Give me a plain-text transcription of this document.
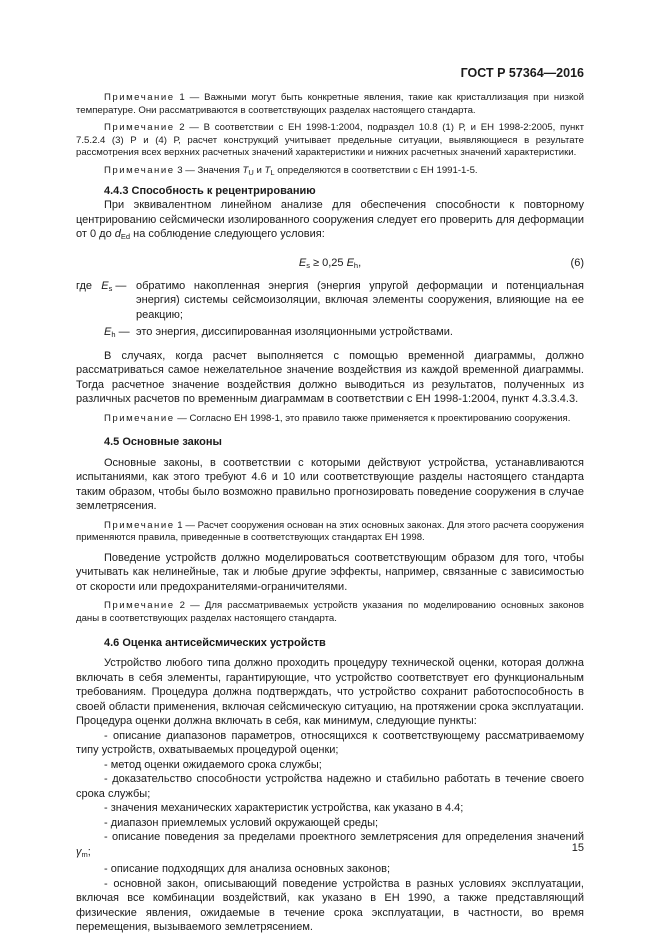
ГОСТ Р 57364—2016

Примечание 1 — Важными могут быть конкретные явления, такие как кристаллизация при низкой температуре. Они рассматриваются в соответствующих разделах настоящего стандарта.

Примечание 2 — В соответствии с ЕН 1998-1:2004, подраздел 10.8 (1) Р, и ЕН 1998-2:2005, пункт 7.5.2.4 (3) Р и (4) Р, расчет конструкций учитывает предельные ситуации, выявляющиеся в результате рассмотрения всех верхних расчетных значений характеристики и нижних расчетных значений характеристики.

Примечание 3 — Значения $T_U$ и $T_L$ определяются в соответствии с ЕН 1991-1-5.

4.4.3 Способность к рецентрированию

При эквивалентном линейном анализе для обеспечения способности к повторному центрированию сейсмически изолированного сооружения следует его проверить для деформации от 0 до $d_{Ed}$ на соблюдение следующего условия:

$E_s \ge 0,25$ $E_h$,	(6)
где $E_s$ — обратимо накопленная энергия (энергия упругой деформации и потенциальная энергия) системы сейсмоизоляции, включая элементы сооружения, влияющие на ее реакцию;
$E_h$ — это энергия, диссипированная изоляционными устройствами.

В случаях, когда расчет выполняется с помощью временной диаграммы, должно рассматриваться самое нежелательное значение воздействия из каждой временной диаграммы. Тогда расчетное значение воздействия должно выводиться из результатов, полученных из различных расчетов по временным диаграммам в соответствии с ЕН 1998-1:2004, пункт 4.3.3.4.3.

Примечание — Согласно ЕН 1998-1, это правило также применяется к проектированию сооружения.

4.5 Основные законы

Основные законы, в соответствии с которыми действуют устройства, устанавливаются испытаниями, как этого требуют 4.6 и 10 или соответствующие разделы настоящего стандарта таким образом, чтобы было возможно правильно прогнозировать поведение сооружения в случае землетрясения.

Примечание 1 — Расчет сооружения основан на этих основных законах. Для этого расчета сооружения применяются правила, приведенные в соответствующих стандартах ЕН 1998.

Поведение устройств должно моделироваться соответствующим образом для того, чтобы учитывать как нелинейные, так и любые другие эффекты, например, связанные с зависимостью от скорости или предохранителями-ограничителями.

Примечание 2 — Для рассматриваемых устройств указания по моделированию основных законов даны в соответствующих разделах настоящего стандарта.

4.6 Оценка антисейсмических устройств

Устройство любого типа должно проходить процедуру технической оценки, которая должна включать в себя элементы, гарантирующие, что устройство соответствует его функциональным требованиям. Процедура должна подтверждать, что устройство сохранит работоспособность в своей области применения, включая сейсмическую ситуацию, на протяжении срока эксплуатации. Процедура оценки должна включать в себя, как минимум, следующие пункты:

- описание диапазонов параметров, относящихся к соответствующему рассматриваемому типу устройств, охватываемых процедурой оценки;

- метод оценки ожидаемого срока службы;

- доказательство способности устройства надежно и стабильно работать в течение своего срока службы;

- значения механических характеристик устройства, как указано в 4.4;

- диапазон приемлемых условий окружающей среды;

- описание поведения за пределами проектного землетрясения для определения значений $\gamma_m$;

- описание подходящих для анализа основных законов;

- основной закон, описывающий поведение устройства в разных условиях эксплуатации, включая все комбинации воздействий, как указано в ЕН 1990, а также представляющий физические явления, ожидаемые в течение срока эксплуатации, в частности, во время перемещения, вызываемого землетрясением.

15
